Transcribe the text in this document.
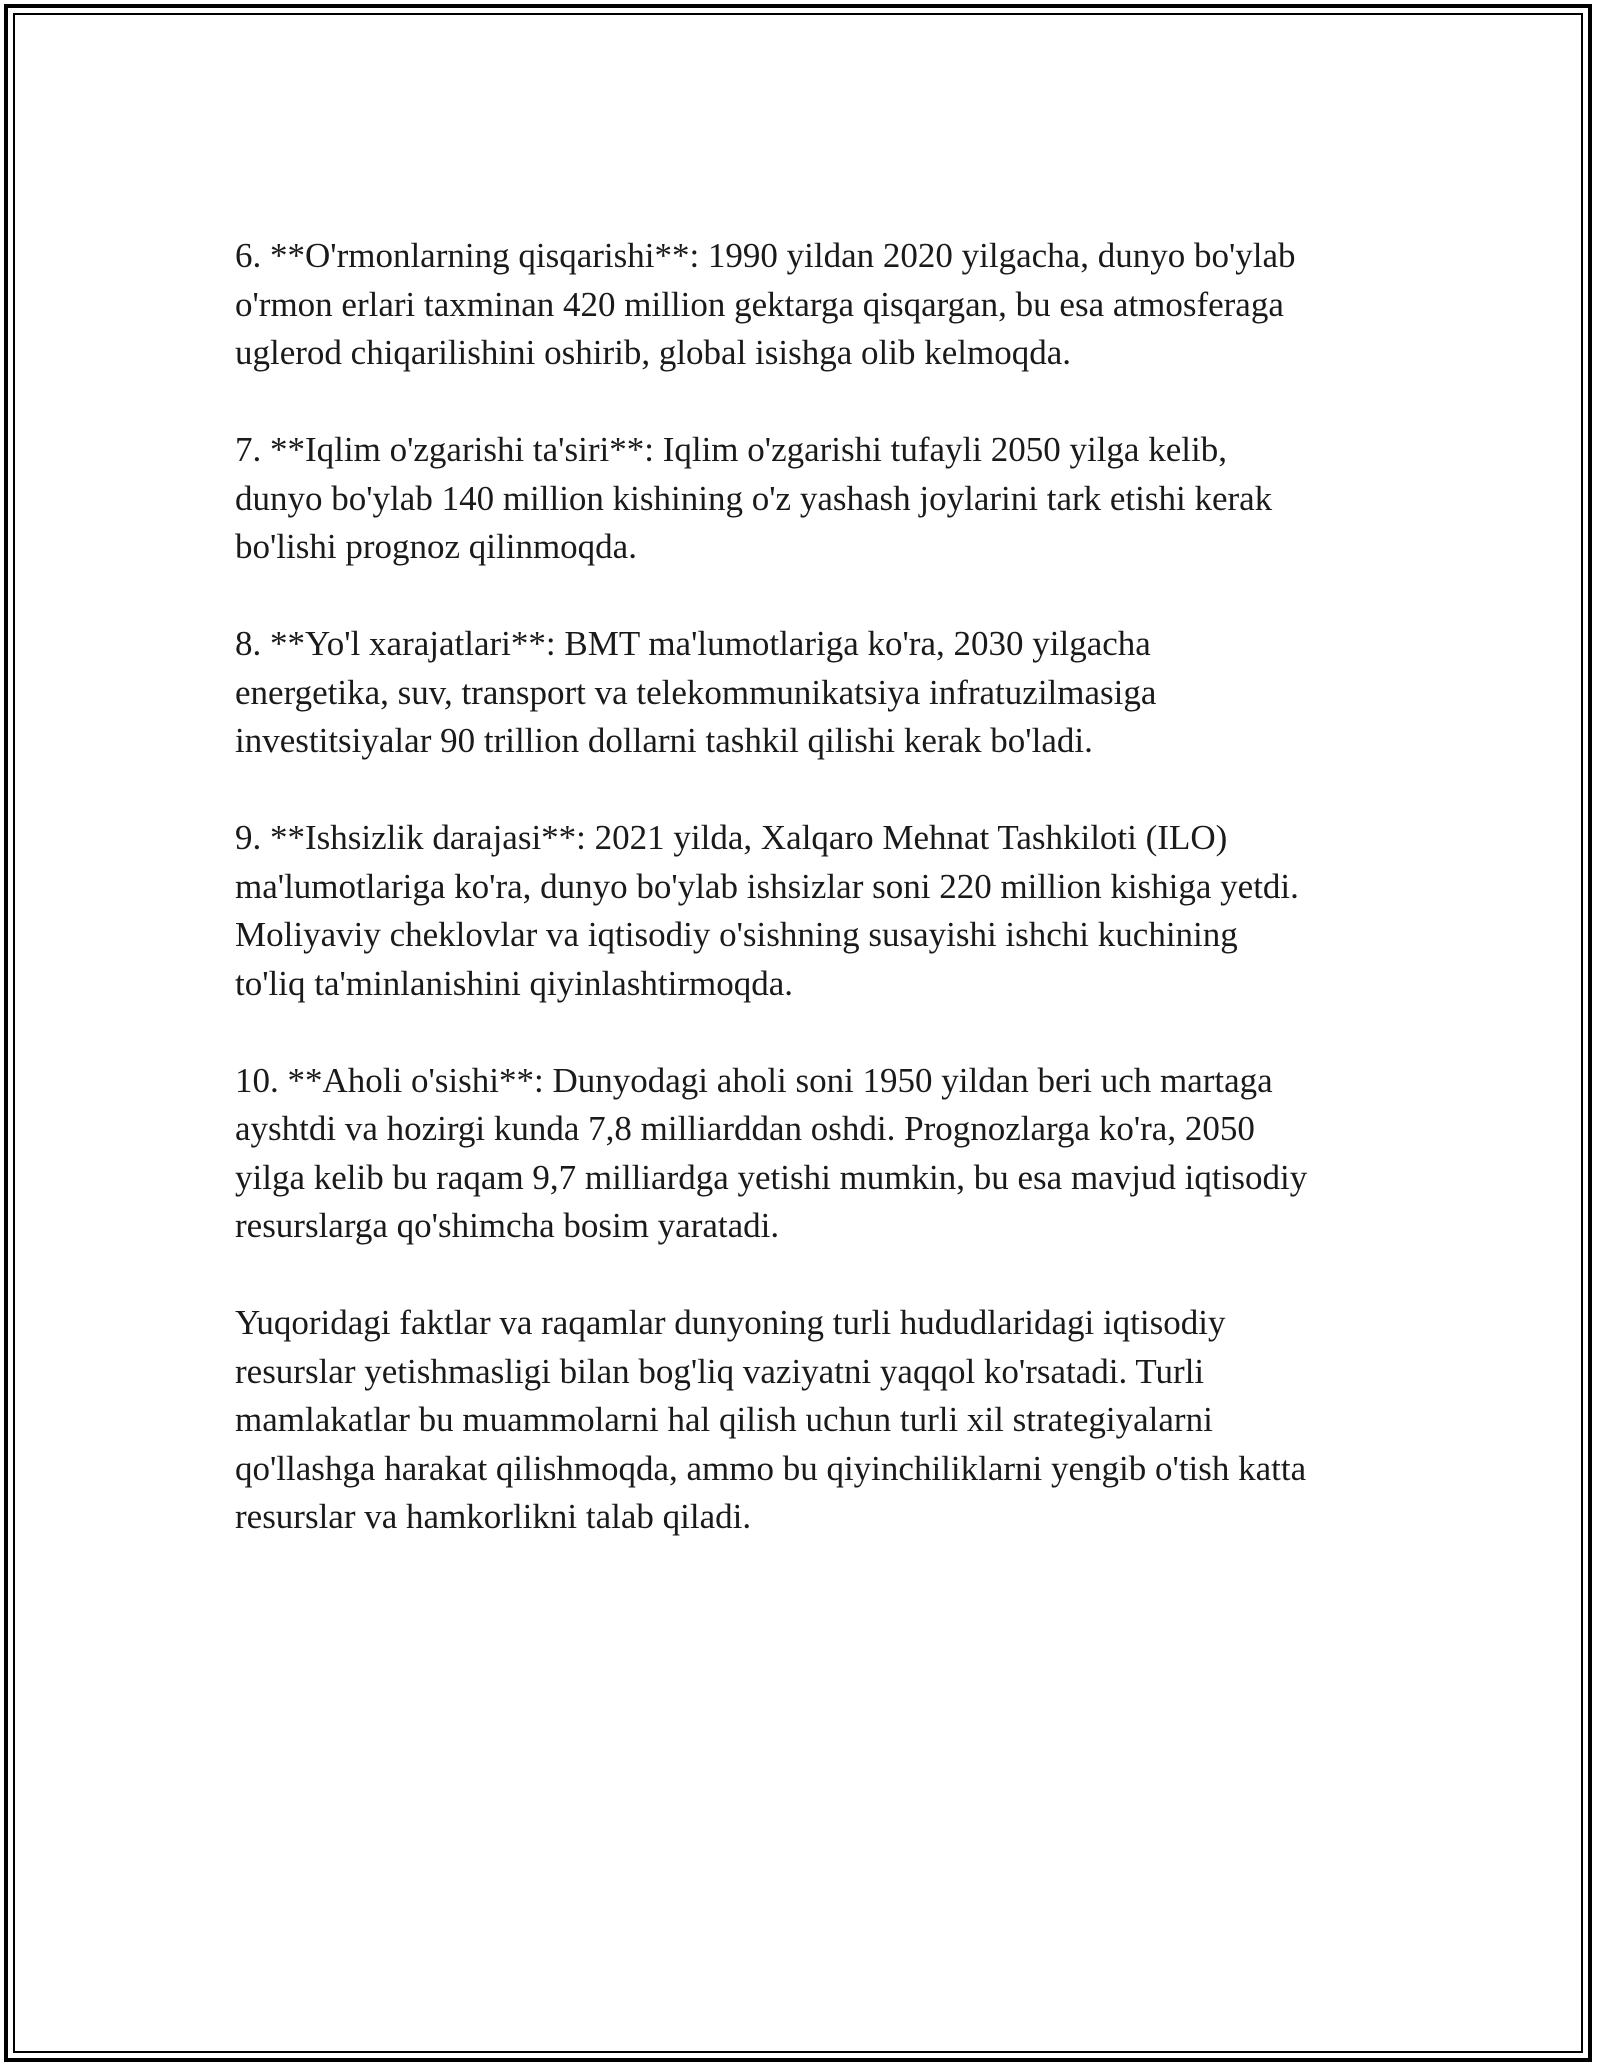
6. **O'rmonlarning qisqarishi**: 1990 yildan 2020 yilgacha, dunyo bo'ylab
o'rmon erlari taxminan 420 million gektarga qisqargan, bu esa atmosferaga
uglerod chiqarilishini oshirib, global isishga olib kelmoqda.

7. **Iqlim o'zgarishi ta'siri**: Iqlim o'zgarishi tufayli 2050 yilga kelib,
dunyo bo'ylab 140 million kishining o'z yashash joylarini tark etishi kerak
bo'lishi prognoz qilinmoqda.

8. **Yo'l xarajatlari**: BMT ma'lumotlariga ko'ra, 2030 yilgacha
energetika, suv, transport va telekommunikatsiya infratuzilmasiga
investitsiyalar 90 trillion dollarni tashkil qilishi kerak bo'ladi.

9. **Ishsizlik darajasi**: 2021 yilda, Xalqaro Mehnat Tashkiloti (ILO)
ma'lumotlariga ko'ra, dunyo bo'ylab ishsizlar soni 220 million kishiga yetdi.
Moliyaviy cheklovlar va iqtisodiy o'sishning susayishi ishchi kuchining
to'liq ta'minlanishini qiyinlashtirmoqda.

10. **Aholi o'sishi**: Dunyodagi aholi soni 1950 yildan beri uch martaga
ayshtdi va hozirgi kunda 7,8 milliarddan oshdi. Prognozlarga ko'ra, 2050
yilga kelib bu raqam 9,7 milliardga yetishi mumkin, bu esa mavjud iqtisodiy
resurslarga qo'shimcha bosim yaratadi.

Yuqoridagi faktlar va raqamlar dunyoning turli hududlaridagi iqtisodiy
resurslar yetishmasligi bilan bog'liq vaziyatni yaqqol ko'rsatadi. Turli
mamlakatlar bu muammolarni hal qilish uchun turli xil strategiyalarni
qo'llashga harakat qilishmoqda, ammo bu qiyinchiliklarni yengib o'tish katta
resurslar va hamkorlikni talab qiladi.
